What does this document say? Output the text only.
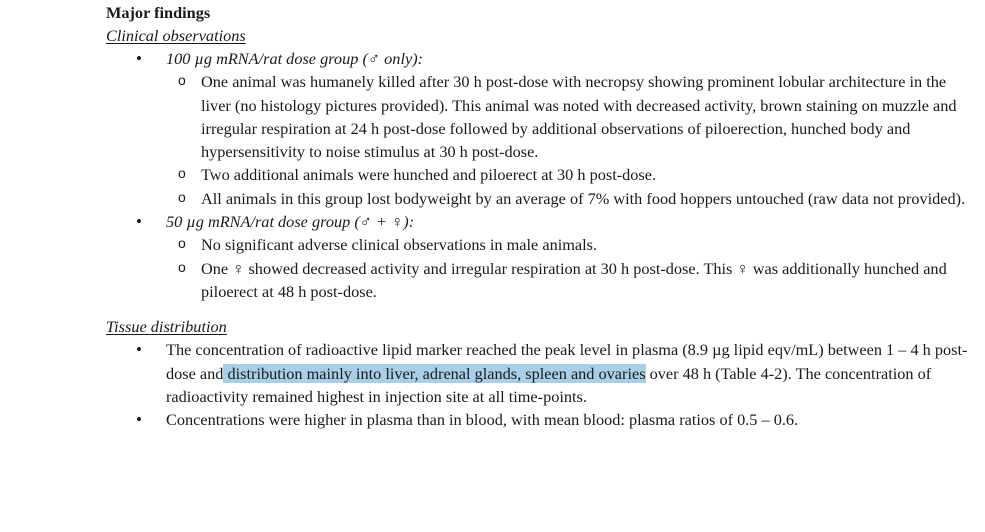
Major findings
Clinical observations
• 100 µg mRNA/rat dose group (♂ only):
o One animal was humanely killed after 30 h post-dose with necropsy showing prominent lobular architecture in the liver (no histology pictures provided). This animal was noted with decreased activity, brown staining on muzzle and irregular respiration at 24 h post-dose followed by additional observations of piloerection, hunched body and hypersensitivity to noise stimulus at 30 h post-dose.
o Two additional animals were hunched and piloerect at 30 h post-dose.
o All animals in this group lost bodyweight by an average of 7% with food hoppers untouched (raw data not provided).
• 50 µg mRNA/rat dose group (♂ + ♀):
o No significant adverse clinical observations in male animals.
o One ♀ showed decreased activity and irregular respiration at 30 h post-dose. This ♀ was additionally hunched and piloerect at 48 h post-dose.
Tissue distribution
• The concentration of radioactive lipid marker reached the peak level in plasma (8.9 µg lipid eqv/mL) between 1 – 4 h post-dose and distribution mainly into liver, adrenal glands, spleen and ovaries over 48 h (Table 4-2). The concentration of radioactivity remained highest in injection site at all time-points.
• Concentrations were higher in plasma than in blood, with mean blood: plasma ratios of 0.5 – 0.6.
